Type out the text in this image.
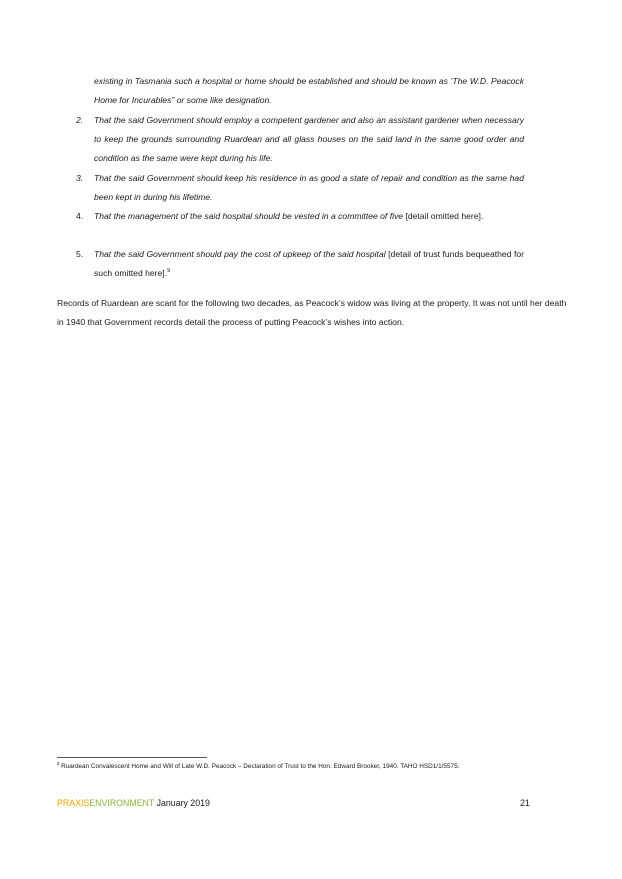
existing in Tasmania such a hospital or home should be established and should be known as ‘The W.D. Peacock Home for Incurables” or some like designation.
2. That the said Government should employ a competent gardener and also an assistant gardener when necessary to keep the grounds surrounding Ruardean and all glass houses on the said land in the same good order and condition as the same were kept during his life.
3. That the said Government should keep his residence in as good a state of repair and condition as the same had been kept in during his lifetime.
4. That the management of the said hospital should be vested in a committee of five [detail omitted here].
5. That the said Government should pay the cost of upkeep of the said hospital [detail of trust funds bequeathed for such omitted here].$^9$

Records of Ruardean are scant for the following two decades, as Peacock’s widow was living at the property. It was not until her death in 1940 that Government records detail the process of putting Peacock’s wishes into action.

$^9$ Ruardean Convalescent Home and Will of Late W.D. Peacock – Declaration of Trust to the Hon. Edward Brooker, 1940. TAHO HSD1/1/5575.
PRAXISENVIRONMENT January 2019	21
